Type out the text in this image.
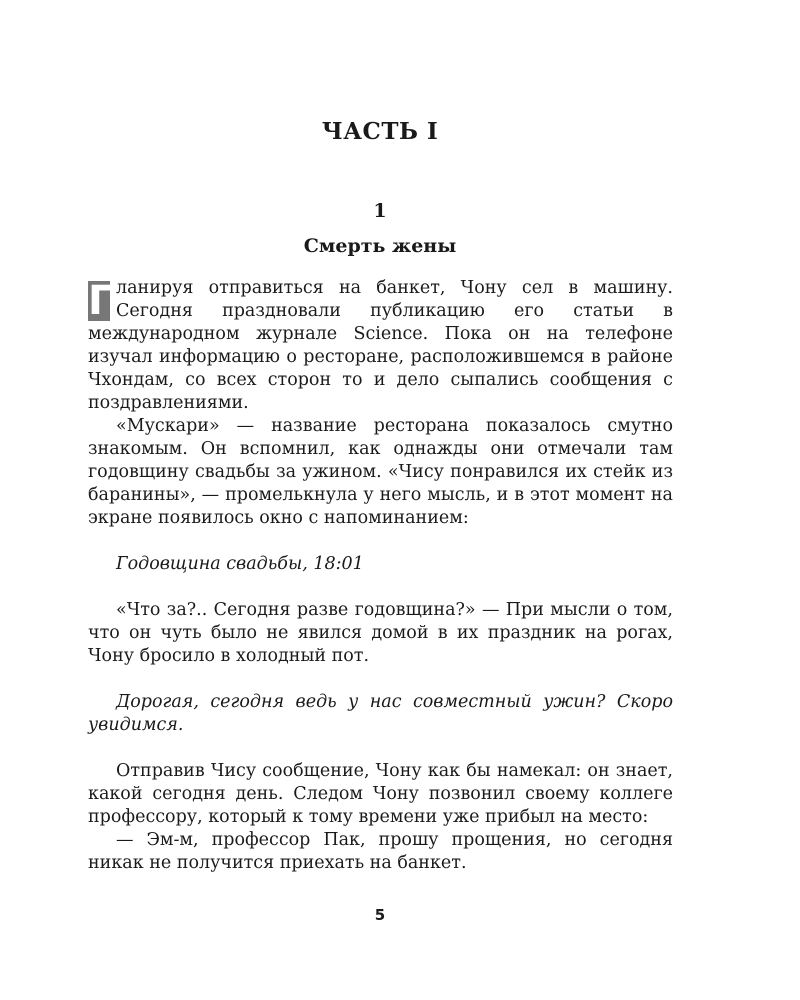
ЧАСТЬ I
1
Смерть жены

П
ланируя отправиться на банкет, Чону сел в машину. Сегодня праздновали публикацию его статьи в международном журнале Science. Пока он на телефоне изучал информацию о ресторане, расположившемся в районе Чхондам, со всех сторон то и дело сыпались сообщения с поздравлениями.

«Мускари» — название ресторана показалось смутно знакомым. Он вспомнил, как однажды они отмечали там годовщину свадьбы за ужином. «Чису понравился их стейк из баранины», — промелькнула у него мысль, и в этот момент на экране появилось окно с напоминанием:

Годовщина свадьбы, 18:01

«Что за?.. Сегодня разве годовщина?» — При мысли о том, что он чуть было не явился домой в их праздник на рогах, Чону бросило в холодный пот.

Дорогая, сегодня ведь у нас совместный ужин? Скоро увидимся.

Отправив Чису сообщение, Чону как бы намекал: он знает, какой сегодня день. Следом Чону позвонил своему коллеге профессору, который к тому времени уже прибыл на место:

— Эм-м, профессор Пак, прошу прощения, но сегодня никак не получится приехать на банкет.

5
